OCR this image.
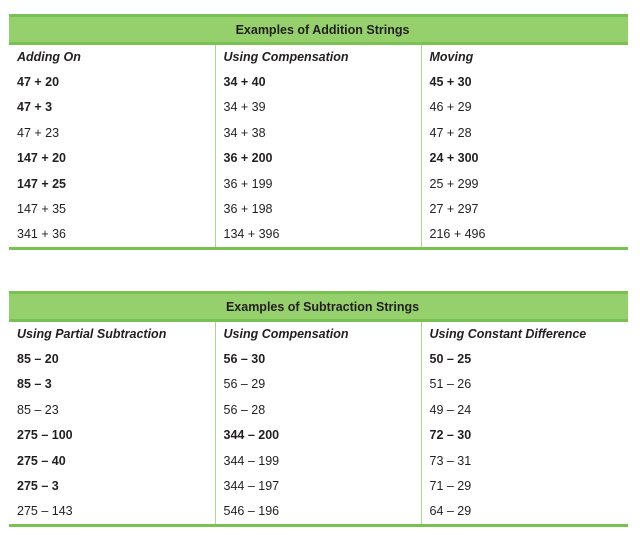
Examples of Addition Strings		
Adding On	Using Compensation	Moving
47 + 20	34 + 40	45 + 30
47 + 3	34 + 39	46 + 29
47 + 23	34 + 38	47 + 28
147 + 20	36 + 200	24 + 300
147 + 25	36 + 199	25 + 299
147 + 35	36 + 198	27 + 297
341 + 36	134 + 396	216 + 496
Examples of Subtraction Strings		
Using Partial Subtraction	Using Compensation	Using Constant Difference
85 – 20	56 – 30	50 – 25
85 – 3	56 – 29	51 – 26
85 – 23	56 – 28	49 – 24
275 – 100	344 – 200	72 – 30
275 – 40	344 – 199	73 – 31
275 – 3	344 – 197	71 – 29
275 – 143	546 – 196	64 – 29
